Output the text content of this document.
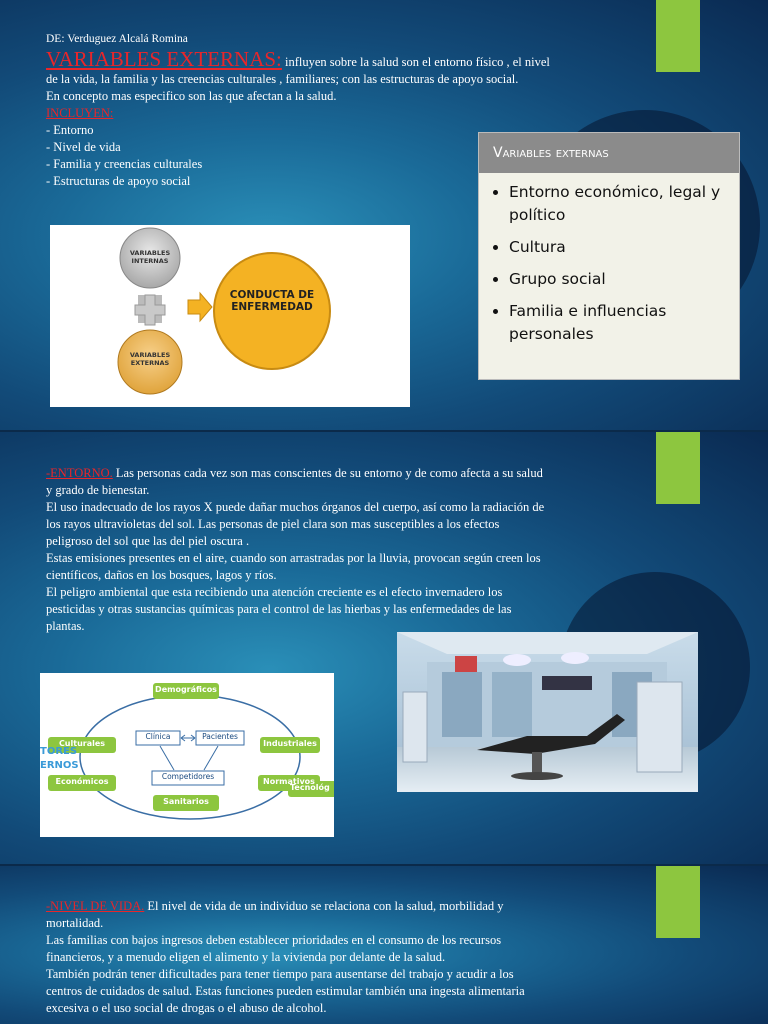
DE: Verduguez Alcalá Romina
VARIABLES EXTERNAS: influyen sobre la salud son el entorno físico , el nivel
de la vida, la familia y las creencias culturales , familiares; con las estructuras de apoyo social.
En concepto mas especifico son las que afectan a la salud.
INCLUYEN:
- Entorno
- Nivel de vida
- Familia y creencias culturales
- Estructuras de apoyo social
VARIABLES INTERNAS
VARIABLES EXTERNAS
CONDUCTA DE ENFERMEDAD
Variables externas
• Entorno económico, legal y político
• Cultura
• Grupo social
• Familia e influencias personales
-ENTORNO. Las personas cada vez son mas conscientes de su entorno y de como afecta a su salud
y grado de bienestar.
El uso inadecuado de los rayos X puede dañar muchos órganos del cuerpo, así como la radiación de
los rayos ultravioletas del sol. Las personas de piel clara son mas susceptibles a los efectos
peligroso del sol que las del piel oscura .
Estas emisiones presentes en el aire, cuando son arrastradas por la lluvia, provocan según creen los
científicos, daños en los bosques, lagos y ríos.
El peligro ambiental que esta recibiendo una atención creciente es el efecto invernadero los
pesticidas y otras sustancias químicas para el control de las hierbas y las enfermedades de las
plantas.
Demográficos
Culturales	Industriales
Tecnológ
Económicos	Normativos
Sanitarios
Clínica	Pacientes
Competidores
TORES
ERNOS
-NIVEL DE VIDA. El nivel de vida de un individuo se relaciona con la salud, morbilidad y
mortalidad.
Las familias con bajos ingresos deben establecer prioridades en el consumo de los recursos
financieros, y a menudo eligen el alimento y la vivienda por delante de la salud.
También podrán tener dificultades para tener tiempo para ausentarse del trabajo y acudir a los
centros de cuidados de salud. Estas funciones pueden estimular también una ingesta alimentaria
excesiva o el uso social de drogas o el abuso de alcohol.
